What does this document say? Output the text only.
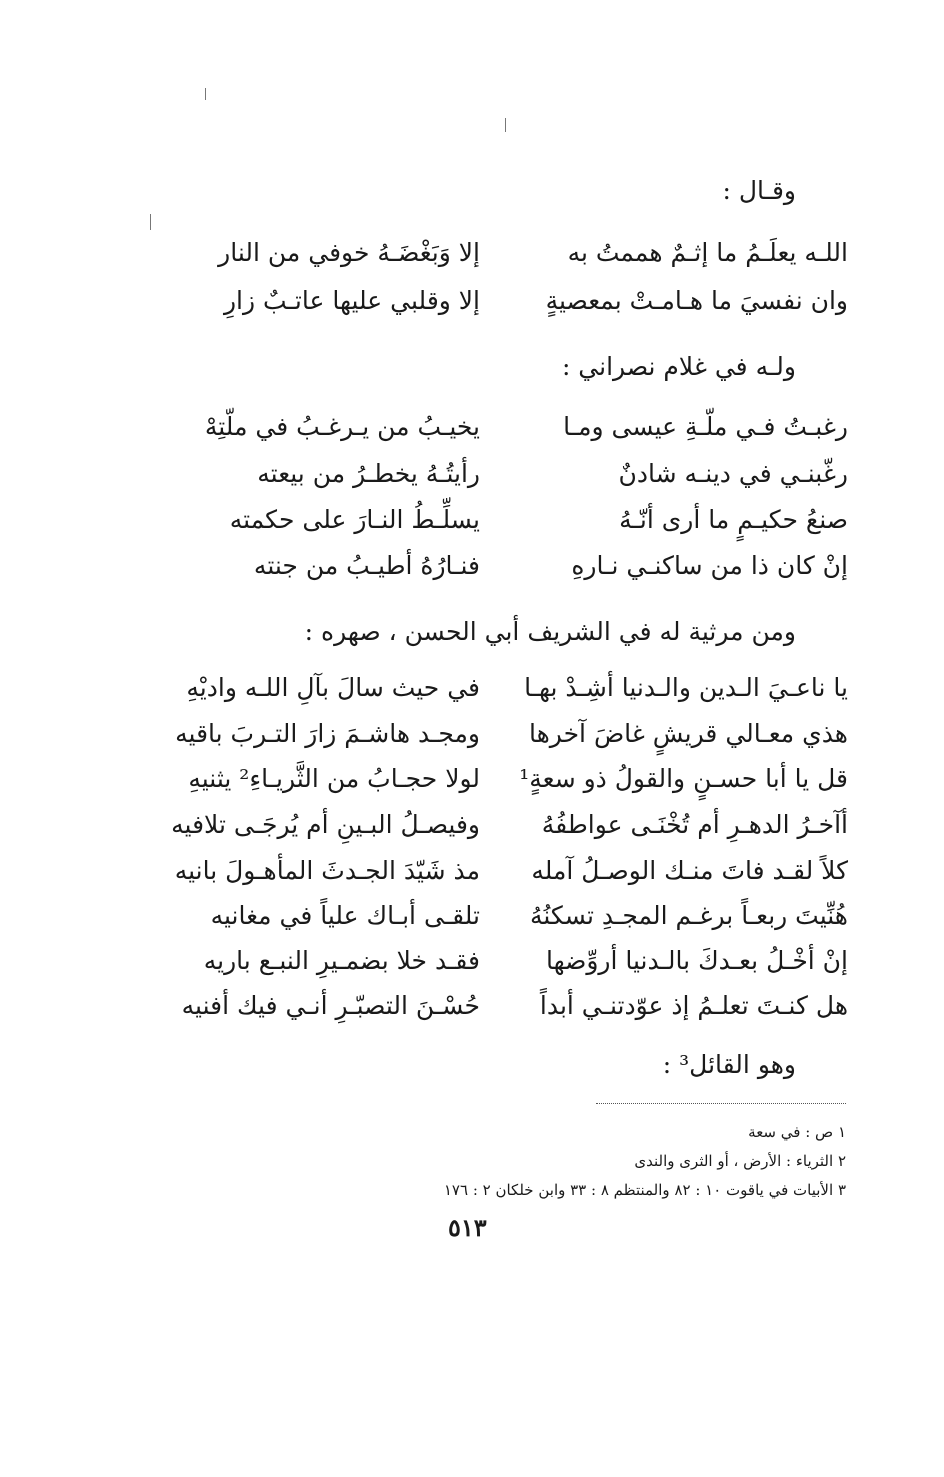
وقـال :
اللـه يعلَـمُ ما إثـمٌ هممتُ به
إلا وَبَغْضَـهُ خوفي من النار
وان نفسيَ ما هـامـتْ بمعصيةٍ
إلا وقلبي عليها عاتـبٌ زارِ
ولـه في غلام نصراني :
رغبـتُ فـي ملّـةِ عيسى ومـا
يخيـبُ من يـرغـبُ في ملّتِهْ
رغّبنـي في دينـه شادنٌ
رأيتُـهُ يخطـرُ من بيعته
صنعُ حكيـمٍ ما أرى أنّـهُ
يسلِّـطُ النـارَ على حكمته
إنْ كان ذا من ساكنـي نـارهِ
فنـارُهُ أطيـبُ من جنته
ومن مرثية له في الشريف أبي الحسن ، صهره :
يا ناعـيَ الـدين والـدنيا أشِـدْ بهـا
في حيث سالَ بآلِ اللـه واديْهِ
هذي معـالي قريشٍ غاضَ آخرها
ومجـد هاشـمَ زارَ التـربَ باقيه
قل يا أبا حسـنٍ والقولُ ذو سعةٍ¹
لولا حجـابُ من الثَّريـاءِ² يثنيهِ
أآخـرُ الدهـرِ أم تُخْنَـى عواطفُهُ
وفيصـلُ البـينِ أم يُرجَـى تلافيه
كلاً لقـد فاتَ منـك الوصـلُ آمله
مذ شَيّدَ الجـدثَ المأهـولَ بانيه
هُنِّيتَ ربعـاً برغـم المجـدِ تسكنُهُ
تلقـى أبـاك علياً في مغانيه
إنْ أخْـلُ بعـدكَ بالـدنيا أروِّضها
فقـد خلا بضمـيرِ النبـع باريه
هل كنـتَ تعلـمُ إذ عوّدتنـي أبداً
حُسْـنَ التصبّـرِ أنـي فيك أفنيه
وهو القائل³ :
١ ص : في سعة
٢ الثرياء : الأرض ، أو الثرى والندى
٣ الأبيات في ياقوت ١٠ : ٨٢ والمنتظم ٨ : ٣٣ وابن خلكان ٢ : ١٧٦
٥١٣
